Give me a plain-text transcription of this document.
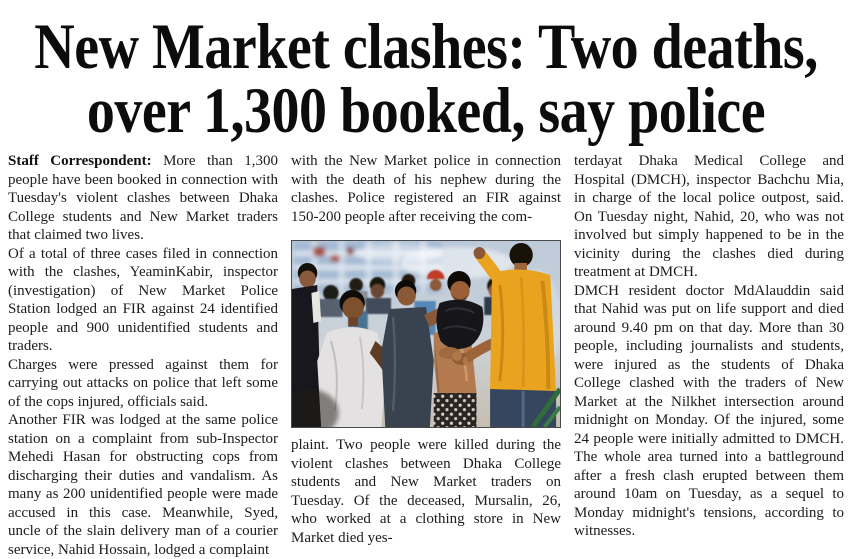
New Market clashes: Two deaths,
over 1,300 booked, say police

Staff Correspondent: More than 1,300 people have been booked in connection with Tuesday's violent clashes between Dhaka College students and New Market traders that claimed two lives.

Of a total of three cases filed in connection with the clashes, YeaminKabir, inspector (investigation) of New Market Police Station lodged an FIR against 24 identified people and 900 unidentified students and traders.

Charges were pressed against them for carrying out attacks on police that left some of the cops injured, officials said.

Another FIR was lodged at the same police station on a complaint from sub-Inspector Mehedi Hasan for obstructing cops from discharging their duties and vandalism. As many as 200 unidentified people were made accused in this case. Meanwhile, Syed, uncle of the slain delivery man of a courier service, Nahid Hossain, lodged a complaint

with the New Market police in connection with the death of his nephew during the clashes. Police registered an FIR against 150-200 people after receiving the com-

plaint. Two people were killed during the violent clashes between Dhaka College students and New Market traders on Tuesday. Of the deceased, Mursalin, 26, who worked at a clothing store in New Market died yes-

terdayat Dhaka Medical College and Hospital (DMCH), inspector Bachchu Mia, in charge of the local police outpost, said. On Tuesday night, Nahid, 20, who was not involved but simply happened to be in the vicinity during the clashes died during treatment at DMCH.

DMCH resident doctor MdAlauddin said that Nahid was put on life support and died around 9.40 pm on that day. More than 30 people, including journalists and students, were injured as the students of Dhaka College clashed with the traders of New Market at the Nilkhet intersection around midnight on Monday. Of the injured, some 24 people were initially admitted to DMCH. The whole area turned into a battleground after a fresh clash erupted between them around 10am on Tuesday, as a sequel to Monday midnight's tensions, according to witnesses.
